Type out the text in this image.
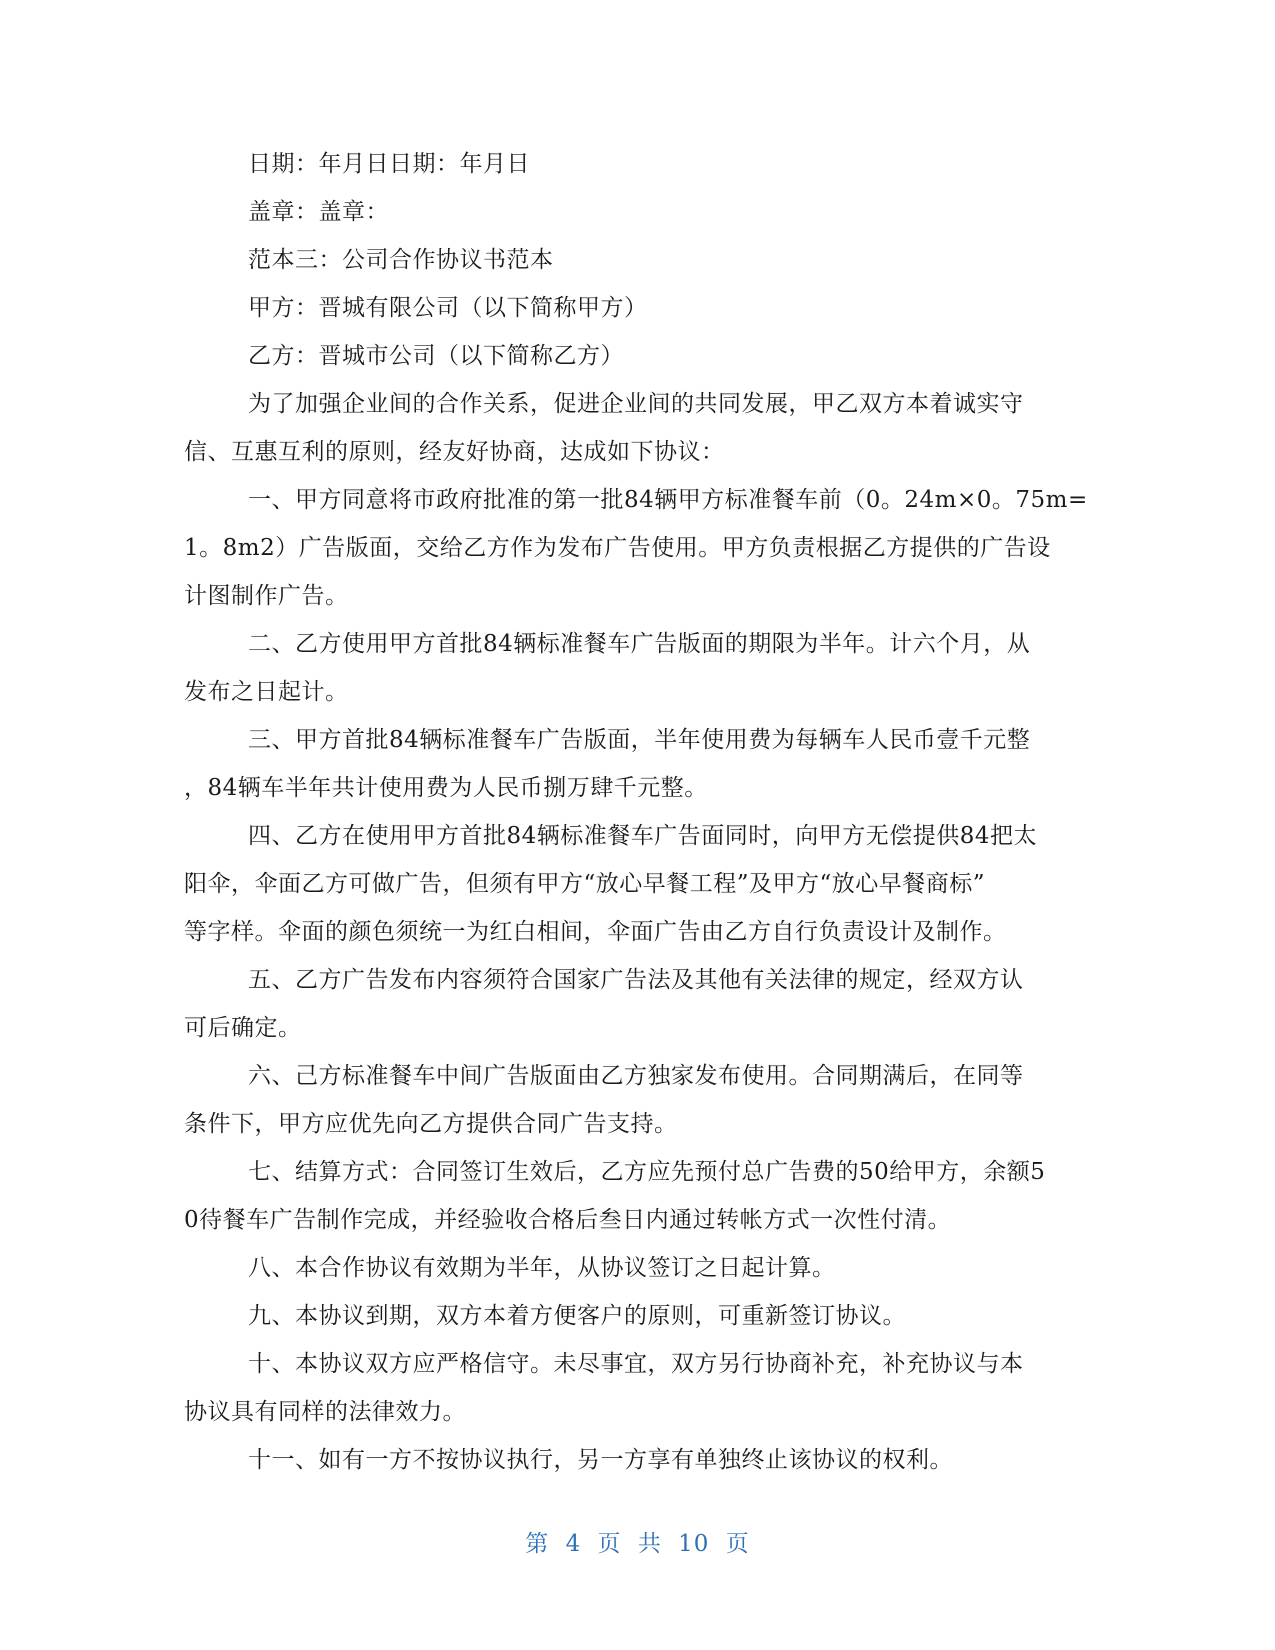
日期：年月日日期：年月日
盖章：盖章：
范本三：公司合作协议书范本
甲方：晋城有限公司（以下简称甲方）
乙方：晋城市公司（以下简称乙方）
为了加强企业间的合作关系，促进企业间的共同发展，甲乙双方本着诚实守
信、互惠互利的原则，经友好协商，达成如下协议：
一、甲方同意将市政府批准的第一批84辆甲方标准餐车前（0。24m×0。75m=
1。8m2）广告版面，交给乙方作为发布广告使用。甲方负责根据乙方提供的广告设
计图制作广告。
二、乙方使用甲方首批84辆标准餐车广告版面的期限为半年。计六个月，从
发布之日起计。
三、甲方首批84辆标准餐车广告版面，半年使用费为每辆车人民币壹千元整
，84辆车半年共计使用费为人民币捌万肆千元整。
四、乙方在使用甲方首批84辆标准餐车广告面同时，向甲方无偿提供84把太
阳伞，伞面乙方可做广告，但须有甲方“放心早餐工程”及甲方“放心早餐商标”
等字样。伞面的颜色须统一为红白相间，伞面广告由乙方自行负责设计及制作。
五、乙方广告发布内容须符合国家广告法及其他有关法律的规定，经双方认
可后确定。
六、己方标准餐车中间广告版面由乙方独家发布使用。合同期满后，在同等
条件下，甲方应优先向乙方提供合同广告支持。
七、结算方式：合同签订生效后，乙方应先预付总广告费的50给甲方，余额5
0待餐车广告制作完成，并经验收合格后叁日内通过转帐方式一次性付清。
八、本合作协议有效期为半年，从协议签订之日起计算。
九、本协议到期，双方本着方便客户的原则，可重新签订协议。
十、本协议双方应严格信守。未尽事宜，双方另行协商补充，补充协议与本
协议具有同样的法律效力。
十一、如有一方不按协议执行，另一方享有单独终止该协议的权利。
第 4 页 共 10 页
